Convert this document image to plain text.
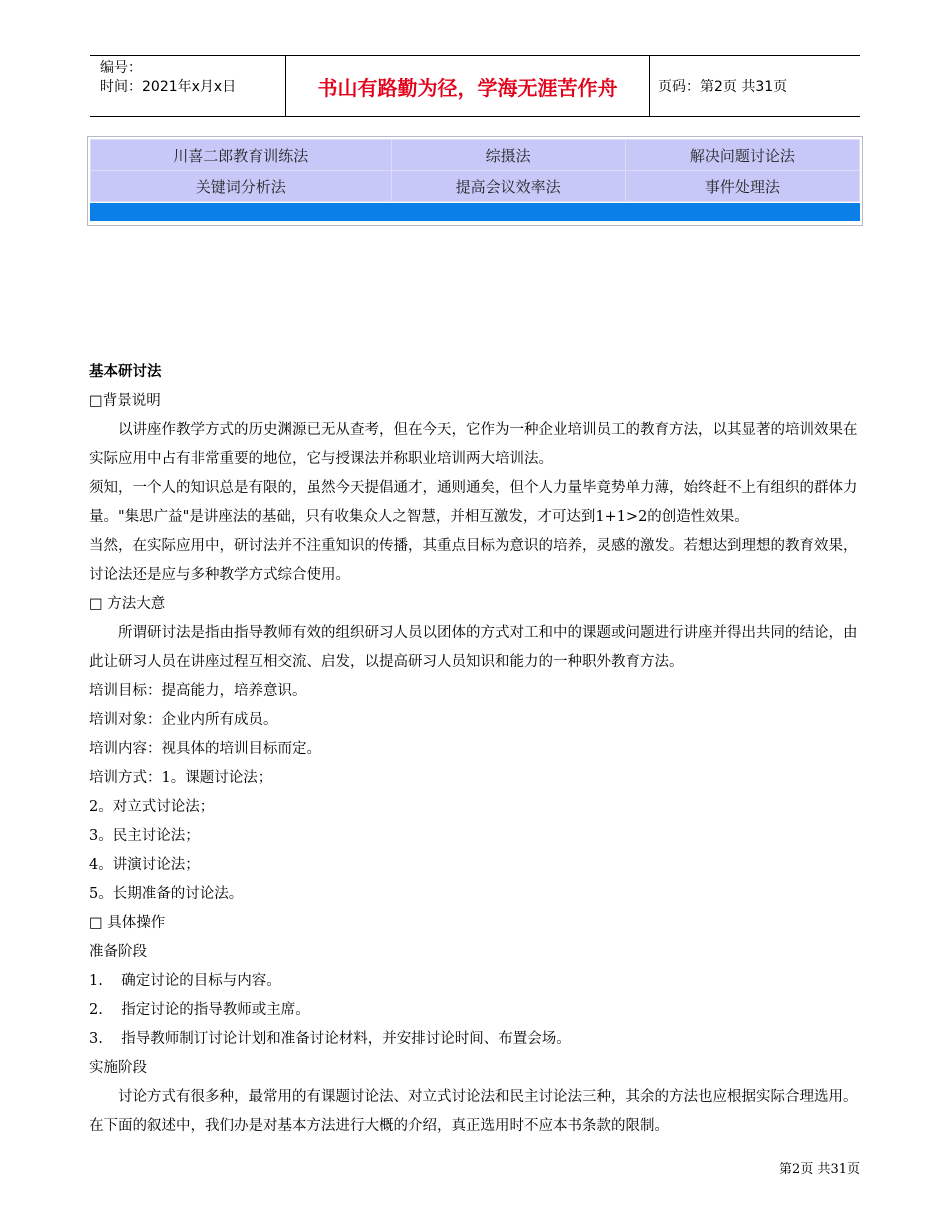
编号：
时间：2021年x月x日	书山有路勤为径，学海无涯苦作舟	页码：第2页 共31页
川喜二郎教育训练法	综摄法	解决问题讨论法
关键词分析法	提高会议效率法	事件处理法

基本研讨法

□背景说明

以讲座作教学方式的历史渊源已无从查考，但在今天，它作为一种企业培训员工的教育方法，以其显著的培训效果在实际应用中占有非常重要的地位，它与授课法并称职业培训两大培训法。

须知，一个人的知识总是有限的，虽然今天提倡通才，通则通矣，但个人力量毕竟势单力薄，始终赶不上有组织的群体力量。"集思广益"是讲座法的基础，只有收集众人之智慧，并相互激发，才可达到1+1>2的创造性效果。

当然，在实际应用中，研讨法并不注重知识的传播，其重点目标为意识的培养，灵感的激发。若想达到理想的教育效果，讨论法还是应与多种教学方式综合使用。

□ 方法大意

所谓研讨法是指由指导教师有效的组织研习人员以团体的方式对工和中的课题或问题进行讲座并得出共同的结论，由此让研习人员在讲座过程互相交流、启发，以提高研习人员知识和能力的一种职外教育方法。

培训目标：提高能力，培养意识。

培训对象：企业内所有成员。

培训内容：视具体的培训目标而定。

培训方式：1。课题讨论法；

2。对立式讨论法；

3。民主讨论法；

4。讲演讨论法；

5。长期准备的讨论法。

□ 具体操作

准备阶段

1.    确定讨论的目标与内容。

2.    指定讨论的指导教师或主席。

3.    指导教师制订讨论计划和准备讨论材料，并安排讨论时间、布置会场。

实施阶段

讨论方式有很多种，最常用的有课题讨论法、对立式讨论法和民主讨论法三种，其余的方法也应根据实际合理选用。在下面的叙述中，我们办是对基本方法进行大概的介绍，真正选用时不应本书条款的限制。

第2页 共31页
